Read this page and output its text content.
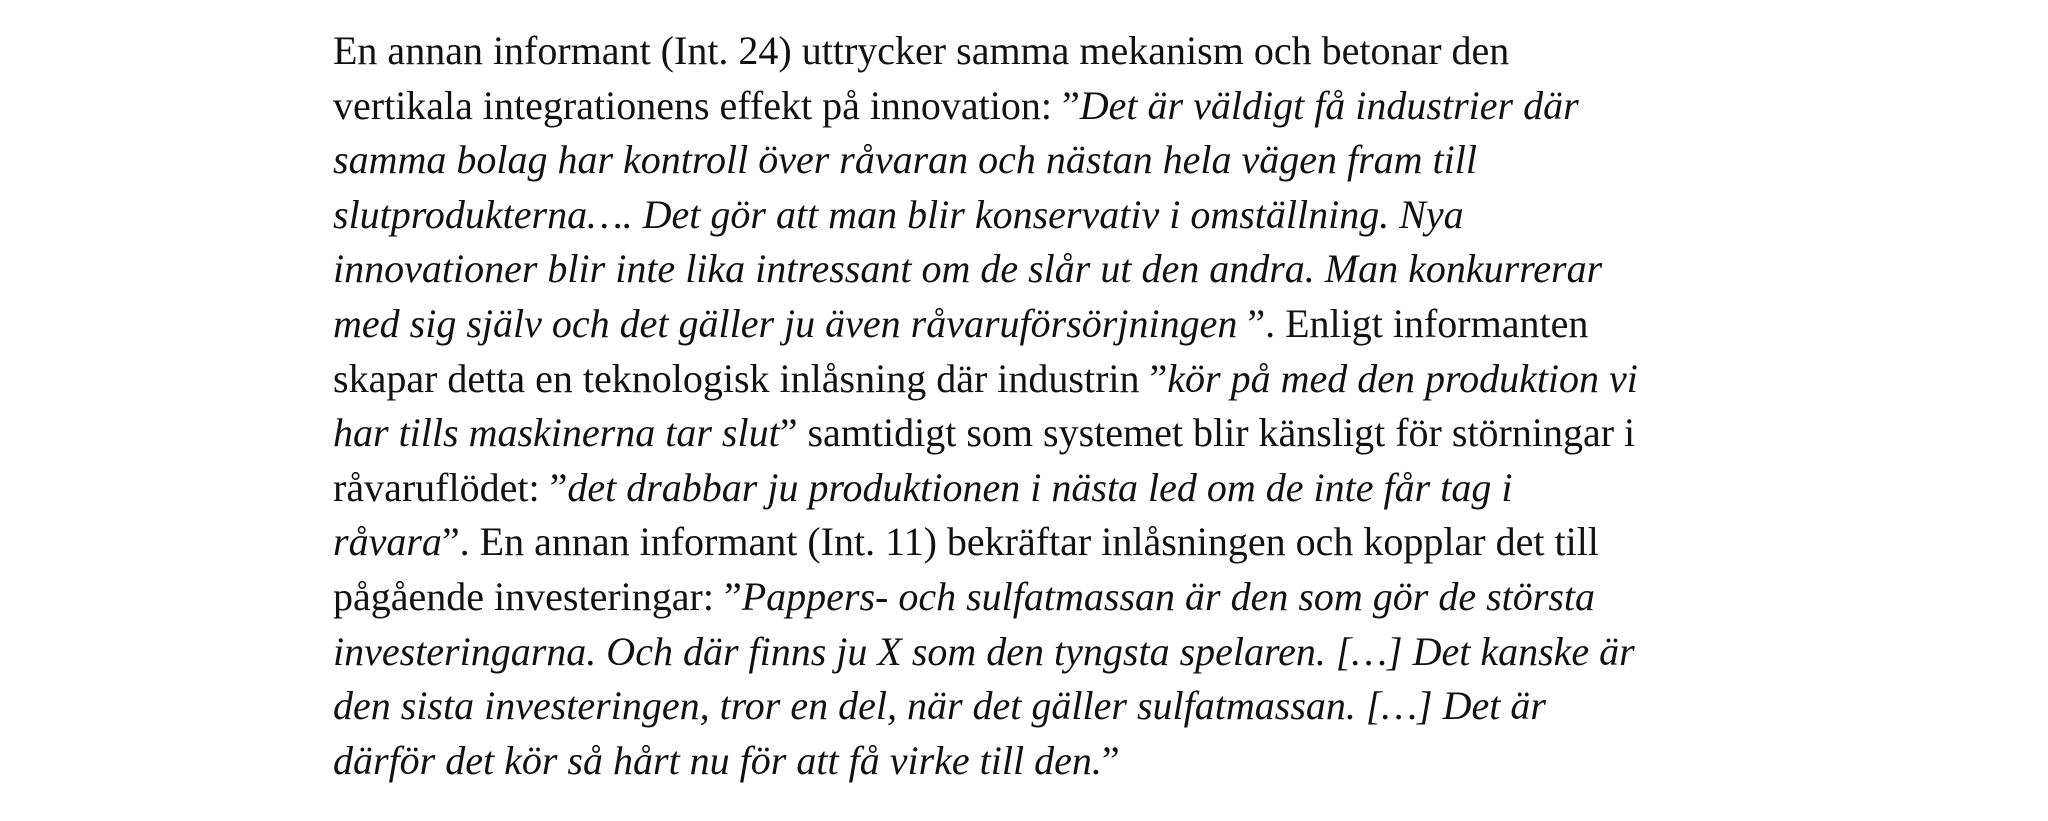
En annan informant (Int. 24) uttrycker samma mekanism och betonar den
vertikala integrationens effekt på innovation: ”Det är väldigt få industrier där
samma bolag har kontroll över råvaran och nästan hela vägen fram till
slutprodukterna…. Det gör att man blir konservativ i omställning. Nya
innovationer blir inte lika intressant om de slår ut den andra. Man konkurrerar
med sig själv och det gäller ju även råvaruförsörjningen ”. Enligt informanten
skapar detta en teknologisk inlåsning där industrin ”kör på med den produktion vi
har tills maskinerna tar slut” samtidigt som systemet blir känsligt för störningar i
råvaruflödet: ”det drabbar ju produktionen i nästa led om de inte får tag i
råvara”. En annan informant (Int. 11) bekräftar inlåsningen och kopplar det till
pågående investeringar: ”Pappers- och sulfatmassan är den som gör de största
investeringarna. Och där finns ju X som den tyngsta spelaren. […] Det kanske är
den sista investeringen, tror en del, när det gäller sulfatmassan. […] Det är
därför det kör så hårt nu för att få virke till den.”
